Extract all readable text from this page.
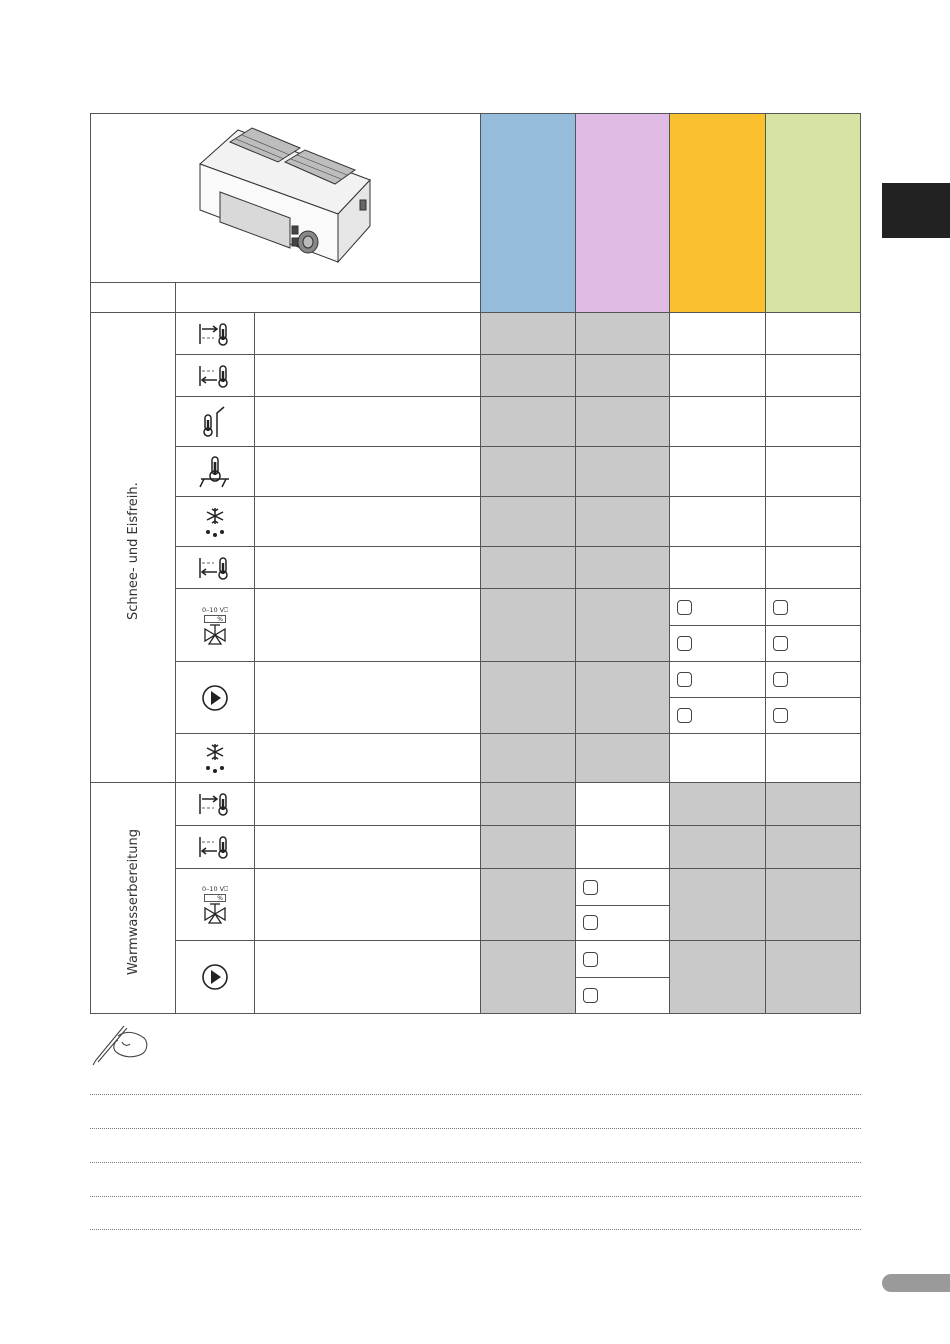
0–10 V⎕
%
0–10 V⎕
%
Schnee- und Eisfreih.
Warmwasserbereitung
